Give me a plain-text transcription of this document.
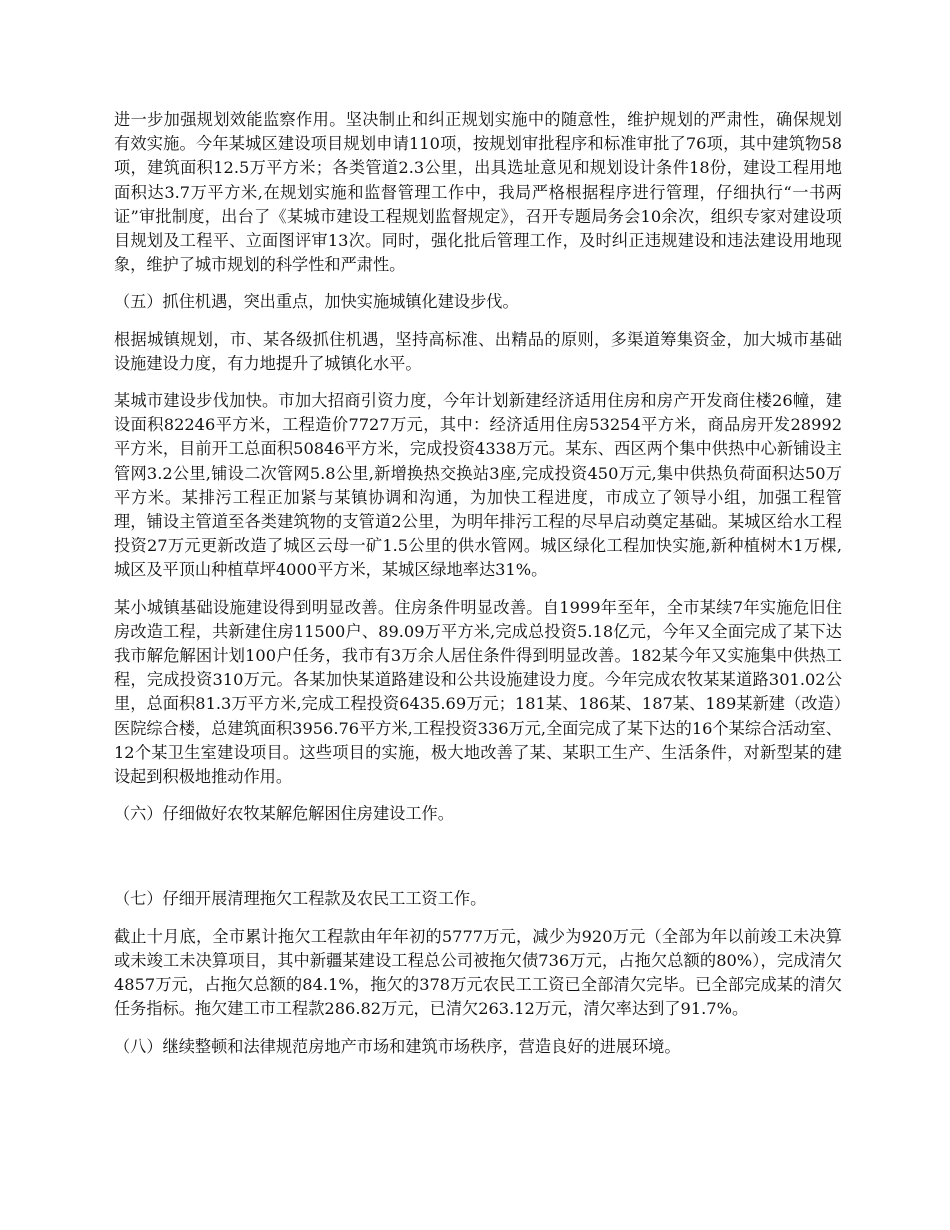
进一步加强规划效能监察作用。坚决制止和纠正规划实施中的随意性，维护规划的严肃性，确保规划有效实施。今年某城区建设项目规划申请110项，按规划审批程序和标准审批了76项，其中建筑物58项，建筑面积12.5万平方米；各类管道2.3公里，出具选址意见和规划设计条件18份，建设工程用地面积达3.7万平方米,在规划实施和监督管理工作中，我局严格根据程序进行管理，仔细执行“一书两证”审批制度，出台了《某城市建设工程规划监督规定》，召开专题局务会10余次，组织专家对建设项目规划及工程平、立面图评审13次。同时，强化批后管理工作，及时纠正违规建设和违法建设用地现象，维护了城市规划的科学性和严肃性。

（五）抓住机遇，突出重点，加快实施城镇化建设步伐。

根据城镇规划，市、某各级抓住机遇，坚持高标准、出精品的原则，多渠道筹集资金，加大城市基础设施建设力度，有力地提升了城镇化水平。

某城市建设步伐加快。市加大招商引资力度，今年计划新建经济适用住房和房产开发商住楼26幢，建设面积82246平方米，工程造价7727万元，其中：经济适用住房53254平方米，商品房开发28992平方米，目前开工总面积50846平方米，完成投资4338万元。某东、西区两个集中供热中心新铺设主管网3.2公里,铺设二次管网5.8公里,新增换热交换站3座,完成投资450万元,集中供热负荷面积达50万平方米。某排污工程正加紧与某镇协调和沟通，为加快工程进度，市成立了领导小组，加强工程管理，铺设主管道至各类建筑物的支管道2公里，为明年排污工程的尽早启动奠定基础。某城区给水工程投资27万元更新改造了城区云母一矿1.5公里的供水管网。城区绿化工程加快实施,新种植树木1万棵,城区及平顶山种植草坪4000平方米，某城区绿地率达31%。

某小城镇基础设施建设得到明显改善。住房条件明显改善。自1999年至年，全市某续7年实施危旧住房改造工程，共新建住房11500户、89.09万平方米,完成总投资5.18亿元，今年又全面完成了某下达我市解危解困计划100户任务，我市有3万余人居住条件得到明显改善。182某今年又实施集中供热工程，完成投资310万元。各某加快某道路建设和公共设施建设力度。今年完成农牧某某道路301.02公里，总面积81.3万平方米,完成工程投资6435.69万元；181某、186某、187某、189某新建（改造）医院综合楼，总建筑面积3956.76平方米,工程投资336万元,全面完成了某下达的16个某综合活动室、12个某卫生室建设项目。这些项目的实施，极大地改善了某、某职工生产、生活条件，对新型某的建设起到积极地推动作用。

（六）仔细做好农牧某解危解困住房建设工作。

（七）仔细开展清理拖欠工程款及农民工工资工作。

截止十月底，全市累计拖欠工程款由年年初的5777万元，减少为920万元（全部为年以前竣工未决算或未竣工未决算项目，其中新疆某建设工程总公司被拖欠债736万元，占拖欠总额的80%），完成清欠4857万元，占拖欠总额的84.1%，拖欠的378万元农民工工资已全部清欠完毕。已全部完成某的清欠任务指标。拖欠建工市工程款286.82万元，已清欠263.12万元，清欠率达到了91.7%。

（八）继续整顿和法律规范房地产市场和建筑市场秩序，营造良好的进展环境。
